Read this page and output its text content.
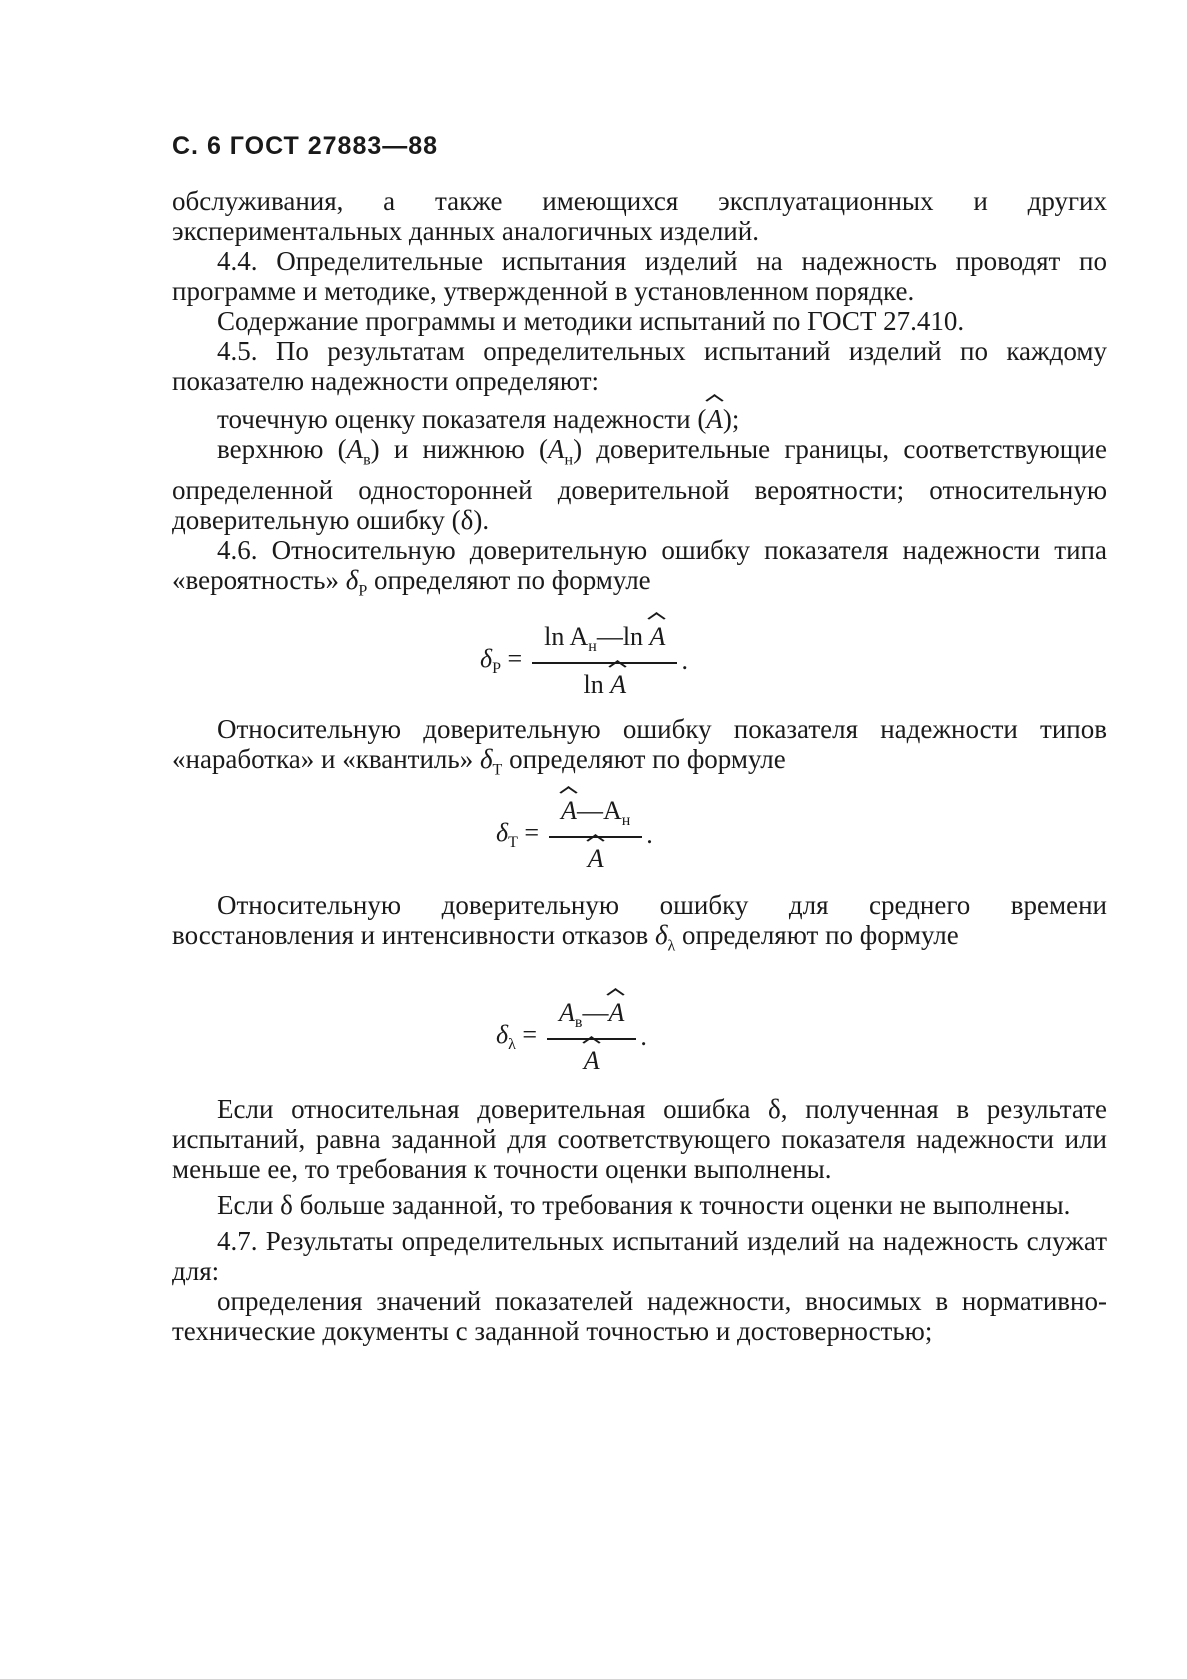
С. 6 ГОСТ 27883—88

обслуживания, а также имеющихся эксплуатационных и других экспериментальных данных аналогичных изделий.

4.4. Определительные испытания изделий на надежность проводят по программе и методике, утвержденной в установленном порядке.

Содержание программы и методики испытаний по ГОСТ 27.410.

4.5. По результатам определительных испытаний изделий по каждому показателю надежности определяют:

точечную оценку показателя надежности (A);

верхнюю $(A_в)$ и нижнюю $(A_н)$ доверительные границы, соответствующие определенной односторонней доверительной вероятности; относительную доверительную ошибку (δ).

4.6. Относительную доверительную ошибку показателя надежности типа «вероятность» $\delta_P$ определяют по формуле

$\delta_P = \frac{\ln A_н—\ln A}{\text{ln A}}$ .

Относительную доверительную ошибку показателя надежности типов «наработка» и «квантиль» $\delta_T$ определяют по формуле

$\delta_T = \frac{A—A_н}{A}$ .

Относительную доверительную ошибку для среднего времени восстановления и интенсивности отказов $\delta_\lambda$ определяют по формуле

$\delta_\lambda = \frac{A_в—A}{A}$ .

Если относительная доверительная ошибка δ, полученная в результате испытаний, равна заданной для соответствующего показателя надежности или меньше ее, то требования к точности оценки выполнены.

Если δ больше заданной, то требования к точности оценки не выполнены.

4.7. Результаты определительных испытаний изделий на надежность служат для:

определения значений показателей надежности, вносимых в нормативно-технические документы с заданной точностью и достоверностью;
